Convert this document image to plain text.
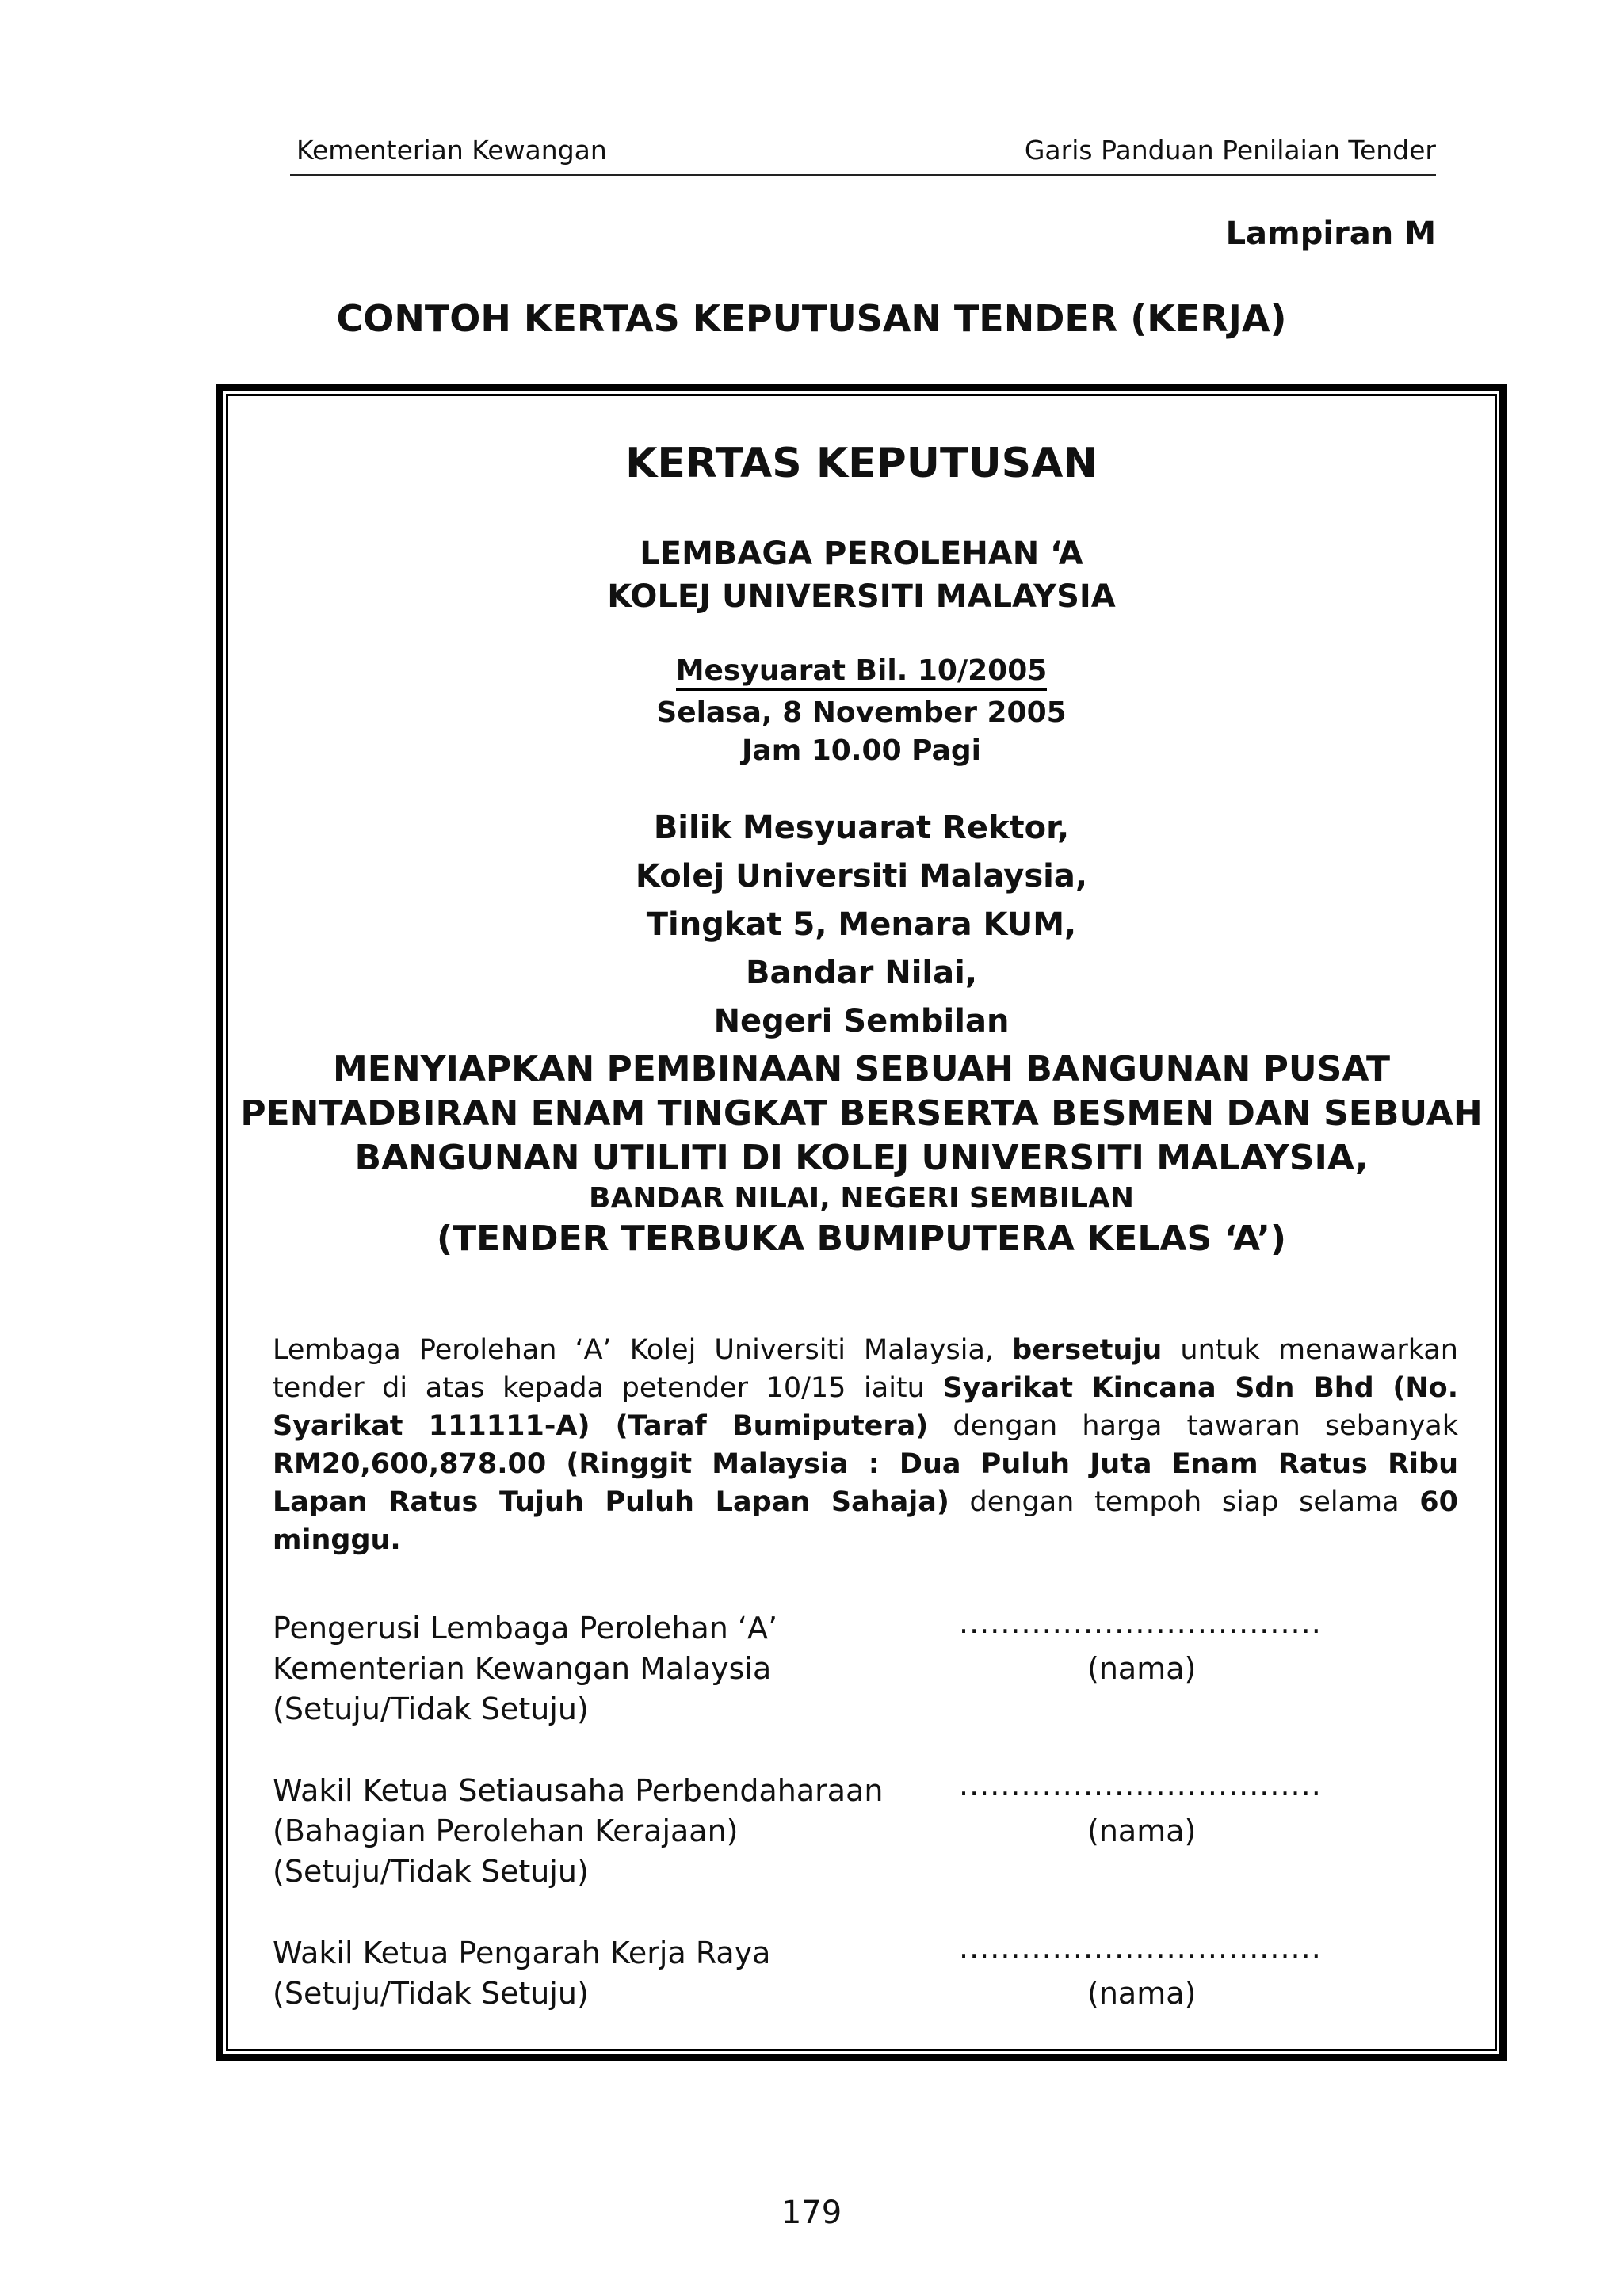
Kementerian Kewangan	Garis Panduan Penilaian Tender
Lampiran M
CONTOH KERTAS KEPUTUSAN TENDER (KERJA)
KERTAS KEPUTUSAN
LEMBAGA PEROLEHAN ‘A
KOLEJ UNIVERSITI MALAYSIA
Mesyuarat Bil. 10/2005
Selasa, 8 November 2005
Jam 10.00 Pagi
Bilik Mesyuarat Rektor,
Kolej Universiti Malaysia,
Tingkat 5, Menara KUM,
Bandar Nilai,
Negeri Sembilan
MENYIAPKAN PEMBINAAN SEBUAH BANGUNAN PUSAT
PENTADBIRAN ENAM TINGKAT BERSERTA BESMEN DAN SEBUAH
BANGUNAN UTILITI DI KOLEJ UNIVERSITI MALAYSIA,
BANDAR NILAI, NEGERI SEMBILAN
(TENDER TERBUKA BUMIPUTERA KELAS ‘A’)
Lembaga Perolehan ‘A’ Kolej Universiti Malaysia, bersetuju untuk menawarkan tender di atas kepada petender 10/15 iaitu Syarikat Kincana Sdn Bhd (No. Syarikat 111111-A) (Taraf Bumiputera) dengan harga tawaran sebanyak RM20,600,878.00 (Ringgit Malaysia : Dua Puluh Juta Enam Ratus Ribu Lapan Ratus Tujuh Puluh Lapan Sahaja) dengan tempoh siap selama 60 minggu.
Pengerusi Lembaga Perolehan ‘A’
Kementerian Kewangan Malaysia
(Setuju/Tidak Setuju)
...................................
(nama)
Wakil Ketua Setiausaha Perbendaharaan
(Bahagian Perolehan Kerajaan)
(Setuju/Tidak Setuju)
...................................
(nama)
Wakil Ketua Pengarah Kerja Raya
(Setuju/Tidak Setuju)
...................................
(nama)
179
